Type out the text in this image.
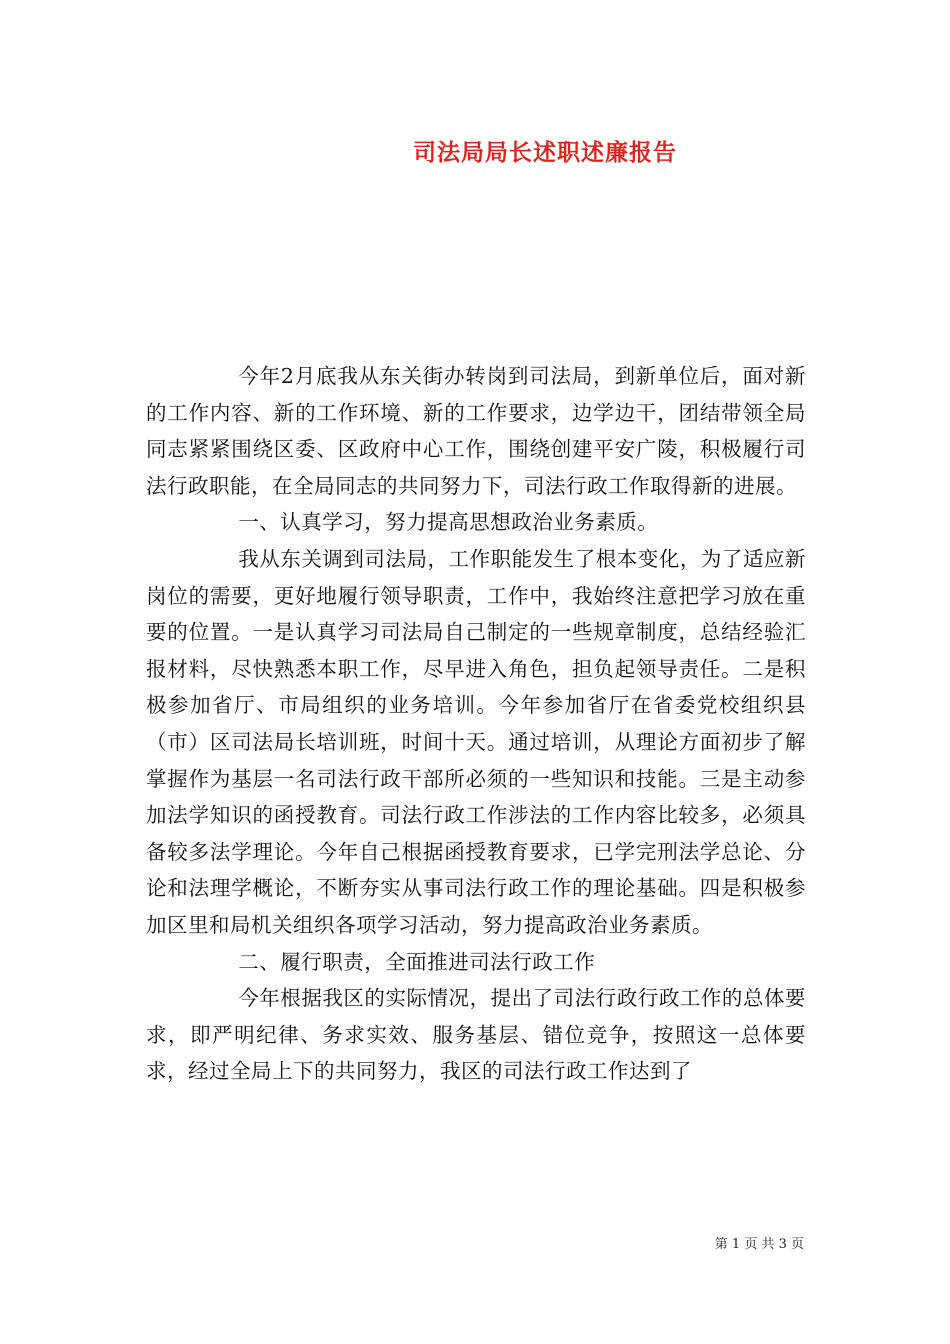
司法局局长述职述廉报告

今年2月底我从东关街办转岗到司法局，到新单位后，面对新的工作内容、新的工作环境、新的工作要求，边学边干，团结带领全局同志紧紧围绕区委、区政府中心工作，围绕创建平安广陵，积极履行司法行政职能，在全局同志的共同努力下，司法行政工作取得新的进展。

一、认真学习，努力提高思想政治业务素质。

我从东关调到司法局，工作职能发生了根本变化，为了适应新岗位的需要，更好地履行领导职责，工作中，我始终注意把学习放在重要的位置。一是认真学习司法局自己制定的一些规章制度，总结经验汇报材料，尽快熟悉本职工作，尽早进入角色，担负起领导责任。二是积极参加省厅、市局组织的业务培训。今年参加省厅在省委党校组织县（市）区司法局长培训班，时间十天。通过培训，从理论方面初步了解掌握作为基层一名司法行政干部所必须的一些知识和技能。三是主动参加法学知识的函授教育。司法行政工作涉法的工作内容比较多，必须具备较多法学理论。今年自己根据函授教育要求，已学完刑法学总论、分论和法理学概论，不断夯实从事司法行政工作的理论基础。四是积极参加区里和局机关组织各项学习活动，努力提高政治业务素质。

二、履行职责，全面推进司法行政工作

今年根据我区的实际情况，提出了司法行政行政工作的总体要求，即严明纪律、务求实效、服务基层、错位竞争，按照这一总体要求，经过全局上下的共同努力，我区的司法行政工作达到了

第 1 页 共 3 页
